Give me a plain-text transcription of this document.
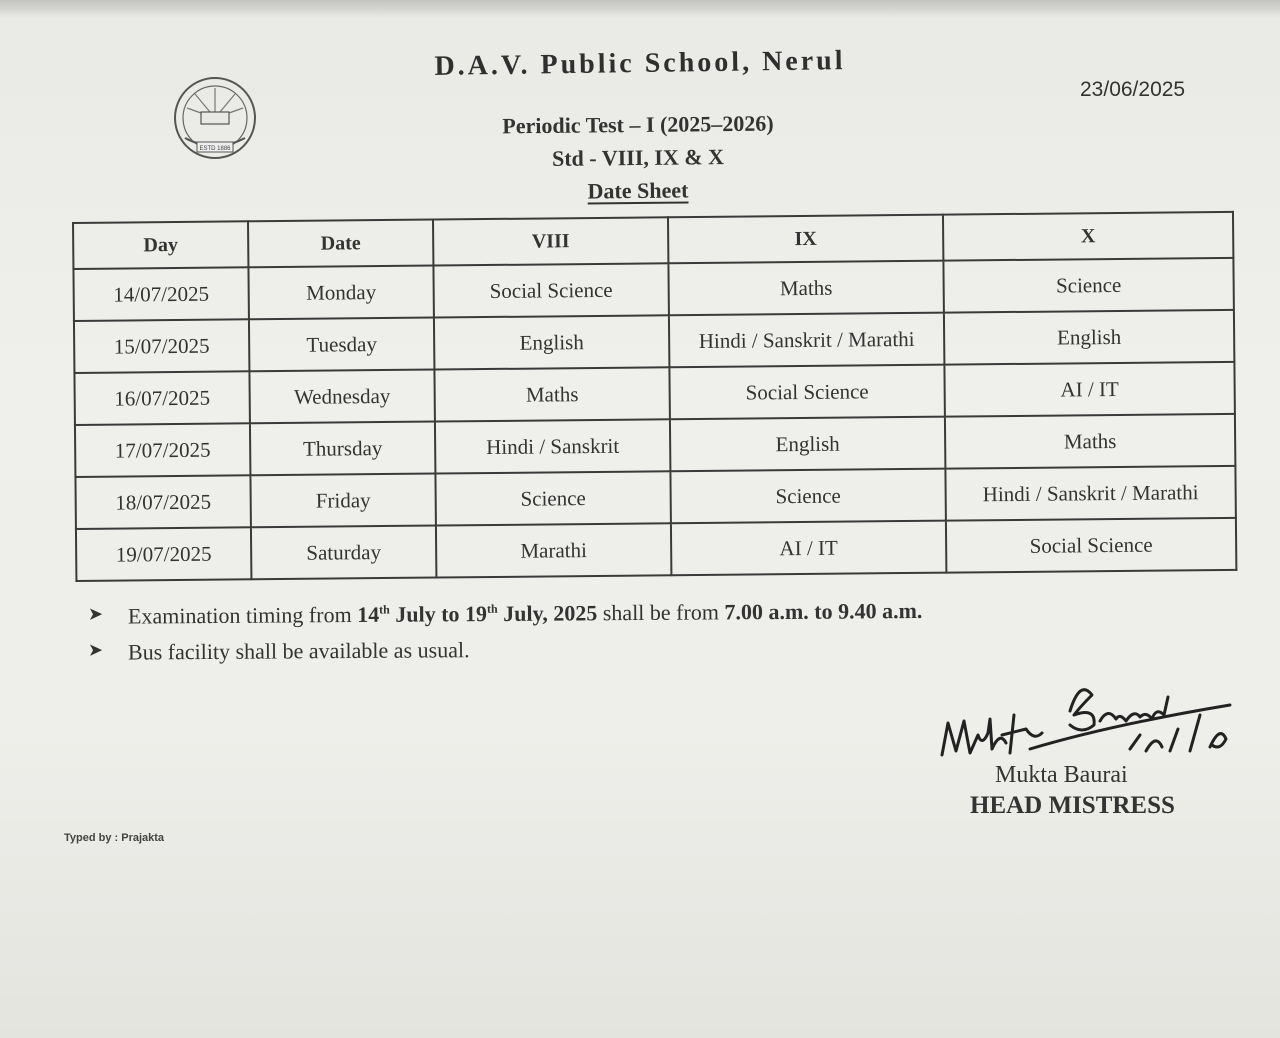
ESTD 1886
D.A.V. Public School, Nerul
23/06/2025
Periodic Test – I (2025–2026)
Std - VIII, IX & X
Date Sheet
Day	Date	VIII	IX	X
14/07/2025	Monday	Social Science	Maths	Science
15/07/2025	Tuesday	English	Hindi / Sanskrit / Marathi	English
16/07/2025	Wednesday	Maths	Social Science	AI / IT
17/07/2025	Thursday	Hindi / Sanskrit	English	Maths
18/07/2025	Friday	Science	Science	Hindi / Sanskrit / Marathi
19/07/2025	Saturday	Marathi	AI / IT	Social Science
➤ Examination timing from 14th July to 19th July, 2025 shall be from 7.00 a.m. to 9.40 a.m.
➤ Bus facility shall be available as usual.
Mukta Baurai
HEAD MISTRESS
Typed by : Prajakta
